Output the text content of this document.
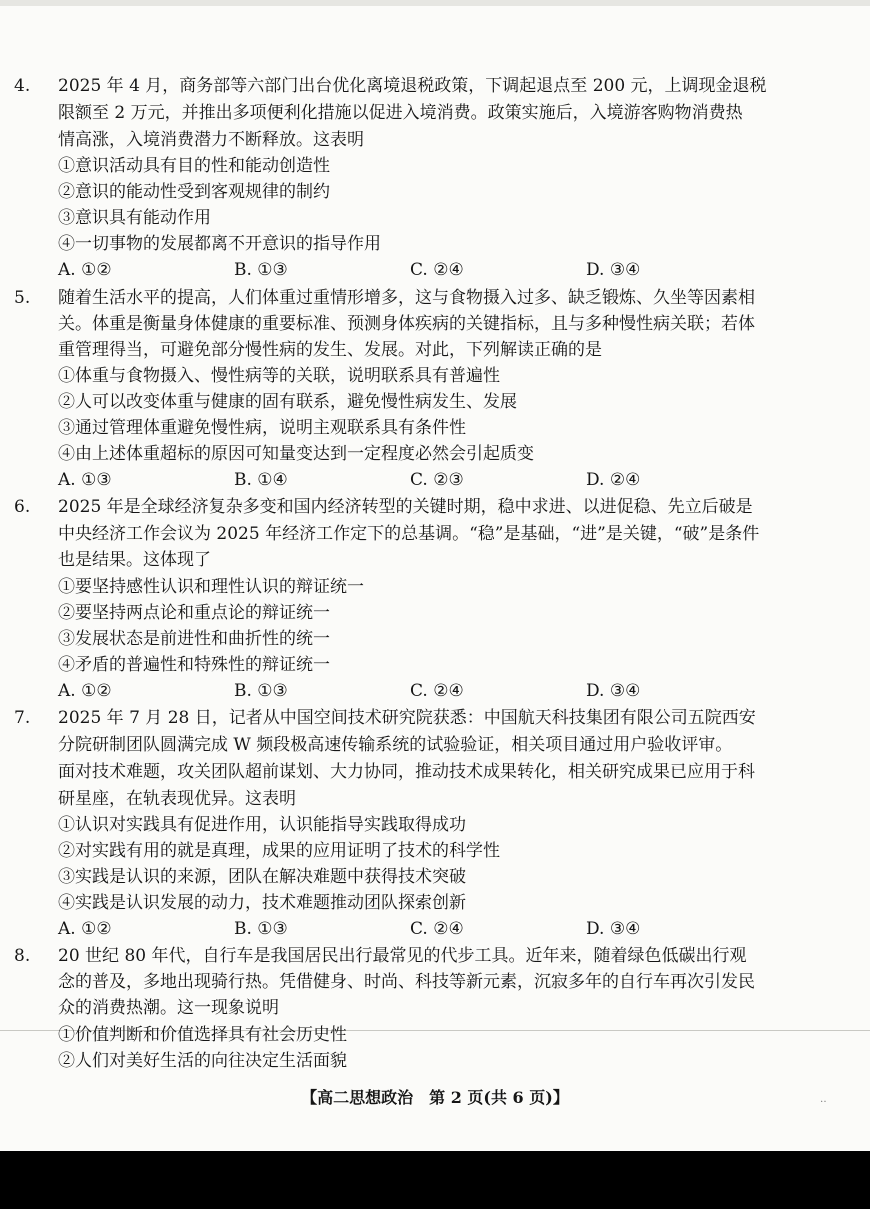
4. 2025 年 4 月，商务部等六部门出台优化离境退税政策，下调起退点至 200 元，上调现金退税
限额至 2 万元，并推出多项便利化措施以促进入境消费。政策实施后，入境游客购物消费热
情高涨，入境消费潜力不断释放。这表明
①意识活动具有目的性和能动创造性
②意识的能动性受到客观规律的制约
③意识具有能动作用
④一切事物的发展都离不开意识的指导作用
A. ①②	B. ①③	C. ②④	D. ③④
5. 随着生活水平的提高，人们体重过重情形增多，这与食物摄入过多、缺乏锻炼、久坐等因素相
关。体重是衡量身体健康的重要标准、预测身体疾病的关键指标，且与多种慢性病关联；若体
重管理得当，可避免部分慢性病的发生、发展。对此，下列解读正确的是
①体重与食物摄入、慢性病等的关联，说明联系具有普遍性
②人可以改变体重与健康的固有联系，避免慢性病发生、发展
③通过管理体重避免慢性病，说明主观联系具有条件性
④由上述体重超标的原因可知量变达到一定程度必然会引起质变
A. ①③	B. ①④	C. ②③	D. ②④
6. 2025 年是全球经济复杂多变和国内经济转型的关键时期，稳中求进、以进促稳、先立后破是
中央经济工作会议为 2025 年经济工作定下的总基调。“稳”是基础，“进”是关键，“破”是条件
也是结果。这体现了
①要坚持感性认识和理性认识的辩证统一
②要坚持两点论和重点论的辩证统一
③发展状态是前进性和曲折性的统一
④矛盾的普遍性和特殊性的辩证统一
A. ①②	B. ①③	C. ②④	D. ③④
7. 2025 年 7 月 28 日，记者从中国空间技术研究院获悉：中国航天科技集团有限公司五院西安
分院研制团队圆满完成 W 频段极高速传输系统的试验验证，相关项目通过用户验收评审。
面对技术难题，攻关团队超前谋划、大力协同，推动技术成果转化，相关研究成果已应用于科
研星座，在轨表现优异。这表明
①认识对实践具有促进作用，认识能指导实践取得成功
②对实践有用的就是真理，成果的应用证明了技术的科学性
③实践是认识的来源，团队在解决难题中获得技术突破
④实践是认识发展的动力，技术难题推动团队探索创新
A. ①②	B. ①③	C. ②④	D. ③④
8. 20 世纪 80 年代，自行车是我国居民出行最常见的代步工具。近年来，随着绿色低碳出行观
念的普及，多地出现骑行热。凭借健身、时尚、科技等新元素，沉寂多年的自行车再次引发民
众的消费热潮。这一现象说明
①价值判断和价值选择具有社会历史性
②人们对美好生活的向往决定生活面貌
【高二思想政治　第 2 页(共 6 页)】	‥
